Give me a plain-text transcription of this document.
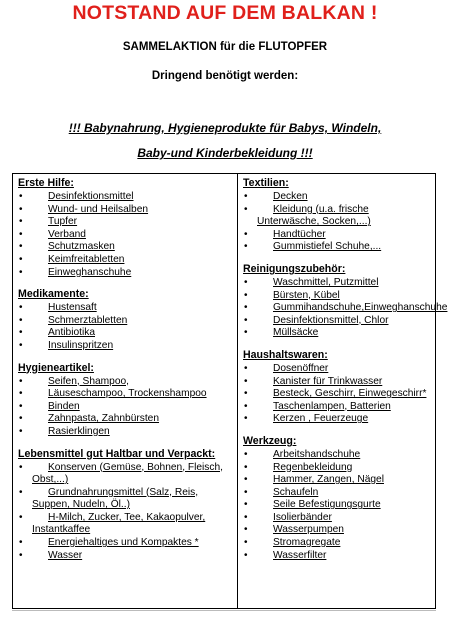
NOTSTAND AUF DEM BALKAN !
SAMMELAKTION für die FLUTOPFER
Dringend benötigt werden:
!!! Babynahrung, Hygieneprodukte für Babys, Windeln,
Baby-und Kinderbekleidung !!!
Erste Hilfe:
• Desinfektionsmittel
• Wund- und Heilsalben
• Tupfer
• Verband
• Schutzmasken
• Keimfreitabletten
• Einweghanschuhe
Medikamente:
• Hustensaft
• Schmerztabletten
• Antibiotika
• Insulinspritzen
Hygieneartikel:
• Seifen, Shampoo,
• Läuseschampoo, Trockenshampoo
• Binden
• Zahnpasta, Zahnbürsten
• Rasierklingen
Lebensmittel gut Haltbar und Verpackt:
• Konserven (Gemüse, Bohnen, Fleisch, Obst,...)
• Grundnahrungsmittel (Salz, Reis, Suppen, Nudeln, Öl..)
• H-Milch, Zucker, Tee, Kakaopulver, Instantkaffee
• Energiehaltiges und Kompaktes *
• Wasser
Textilien:
• Decken
• Kleidung (u.a. frische Unterwäsche, Socken,...)
• Handtücher
• Gummistiefel Schuhe,...
Reinigungszubehör:
• Waschmittel, Putzmittel
• Bürsten, Kübel
• Gummihandschuhe,Einweghanschuhe
• Desinfektionsmittel, Chlor
• Müllsäcke
Haushaltswaren:
• Dosenöffner
• Kanister für Trinkwasser
• Besteck, Geschirr, Einwegeschirr*
• Taschenlampen, Batterien
• Kerzen , Feuerzeuge
Werkzeug:
• Arbeitshandschuhe
• Regenbekleidung
• Hammer, Zangen, Nägel
• Schaufeln
• Seile Befestigungsgurte
• Isolierbänder
• Wasserpumpen
• Stromagregate
• Wasserfilter
